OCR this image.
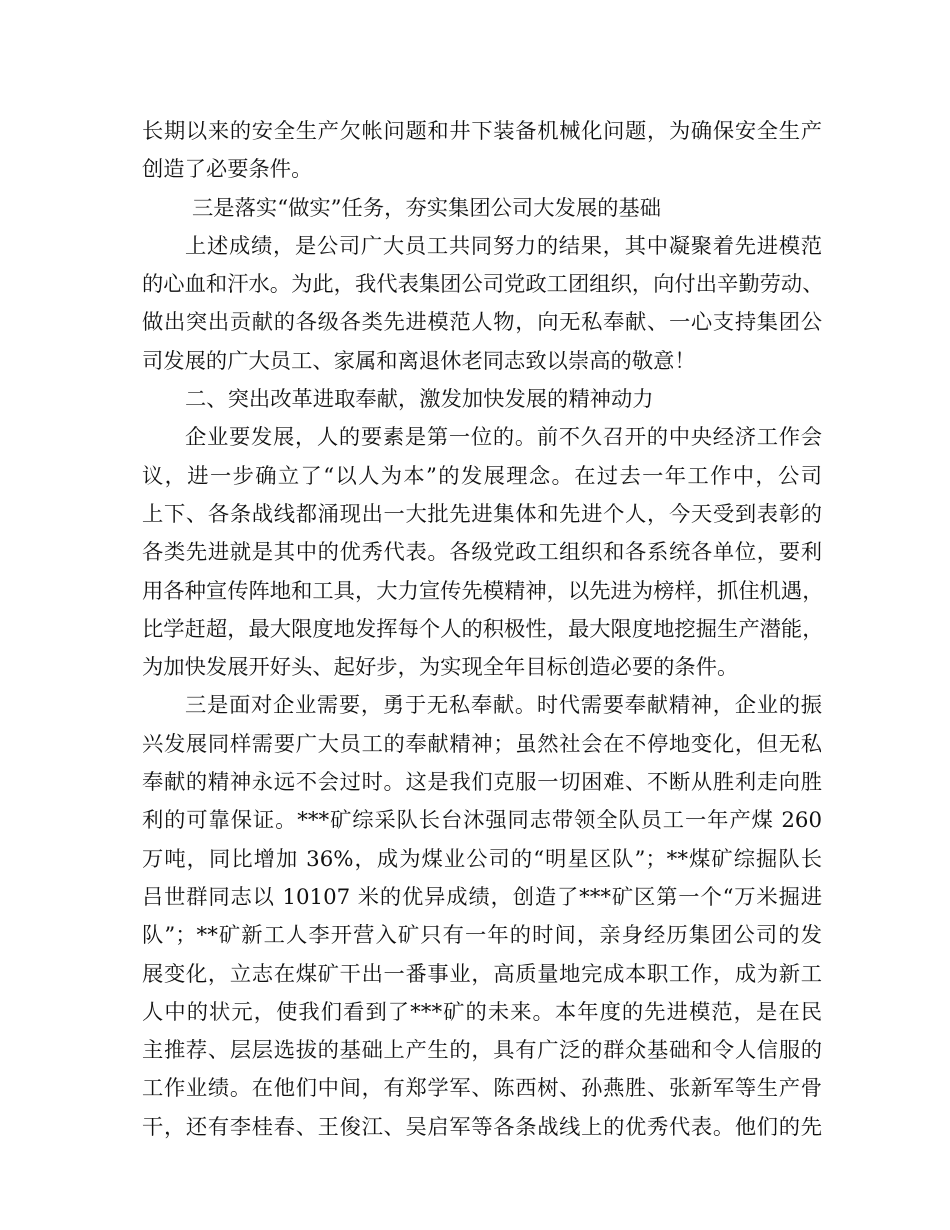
长期以来的安全生产欠帐问题和井下装备机械化问题，为确保安全生产
创造了必要条件。
三是落实“做实”任务，夯实集团公司大发展的基础
上述成绩，是公司广大员工共同努力的结果，其中凝聚着先进模范
的心血和汗水。为此，我代表集团公司党政工团组织，向付出辛勤劳动、
做出突出贡献的各级各类先进模范人物，向无私奉献、一心支持集团公
司发展的广大员工、家属和离退休老同志致以崇高的敬意！
二、突出改革进取奉献，激发加快发展的精神动力
企业要发展，人的要素是第一位的。前不久召开的中央经济工作会
议，进一步确立了“以人为本”的发展理念。在过去一年工作中，公司
上下、各条战线都涌现出一大批先进集体和先进个人，今天受到表彰的
各类先进就是其中的优秀代表。各级党政工组织和各系统各单位，要利
用各种宣传阵地和工具，大力宣传先模精神，以先进为榜样，抓住机遇，
比学赶超，最大限度地发挥每个人的积极性，最大限度地挖掘生产潜能，
为加快发展开好头、起好步，为实现全年目标创造必要的条件。
三是面对企业需要，勇于无私奉献。时代需要奉献精神，企业的振
兴发展同样需要广大员工的奉献精神；虽然社会在不停地变化，但无私
奉献的精神永远不会过时。这是我们克服一切困难、不断从胜利走向胜
利的可靠保证。***矿综采队长台沐强同志带领全队员工一年产煤 260
万吨，同比增加 36%，成为煤业公司的“明星区队”；**煤矿综掘队长
吕世群同志以 10107 米的优异成绩，创造了***矿区第一个“万米掘进
队”；**矿新工人李开营入矿只有一年的时间，亲身经历集团公司的发
展变化，立志在煤矿干出一番事业，高质量地完成本职工作，成为新工
人中的状元，使我们看到了***矿的未来。本年度的先进模范，是在民
主推荐、层层选拔的基础上产生的，具有广泛的群众基础和令人信服的
工作业绩。在他们中间，有郑学军、陈西树、孙燕胜、张新军等生产骨
干，还有李桂春、王俊江、吴启军等各条战线上的优秀代表。他们的先
